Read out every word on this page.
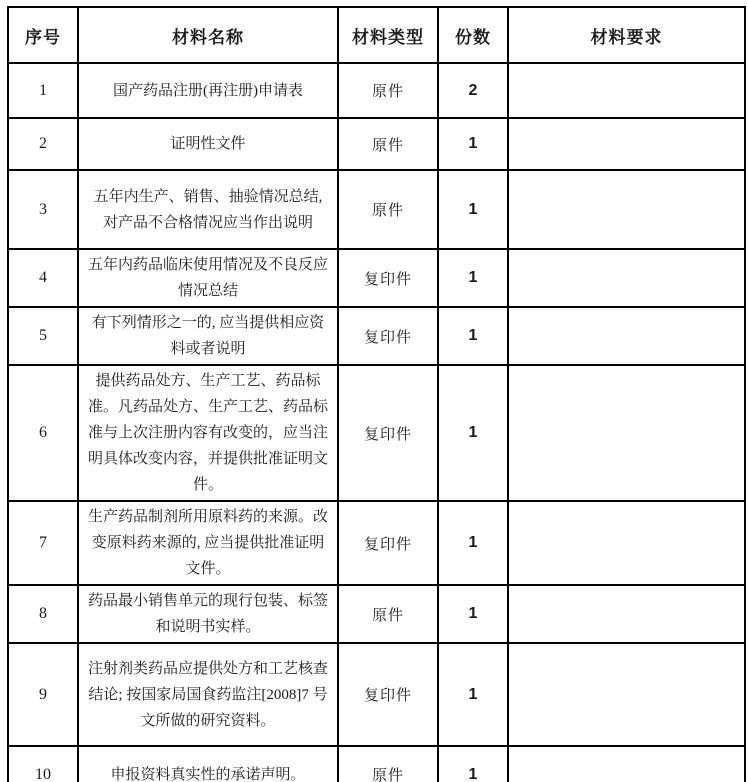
序号	材料名称	材料类型	份数	材料要求
1	国产药品注册(再注册)申请表	原件	2	
2	证明性文件	原件	1	
3	五年内生产、销售、抽验情况总结, 对产品不合格情况应当作出说明	原件	1	
4	五年内药品临床使用情况及不良反应情况总结	复印件	1	
5	有下列情形之一的, 应当提供相应资料或者说明	复印件	1	
6	提供药品处方、生产工艺、药品标准。凡药品处方、生产工艺、药品标准与上次注册内容有改变的，应当注明具体改变内容，并提供批准证明文件。	复印件	1	
7	生产药品制剂所用原料药的来源。改变原料药来源的, 应当提供批准证明文件。	复印件	1	
8	药品最小销售单元的现行包装、标签和说明书实样。	原件	1	
9	注射剂类药品应提供处方和工艺核查结论; 按国家局国食药监注[2008]7 号文所做的研究资料。	复印件	1	
10	申报资料真实性的承诺声明。	原件	1	
